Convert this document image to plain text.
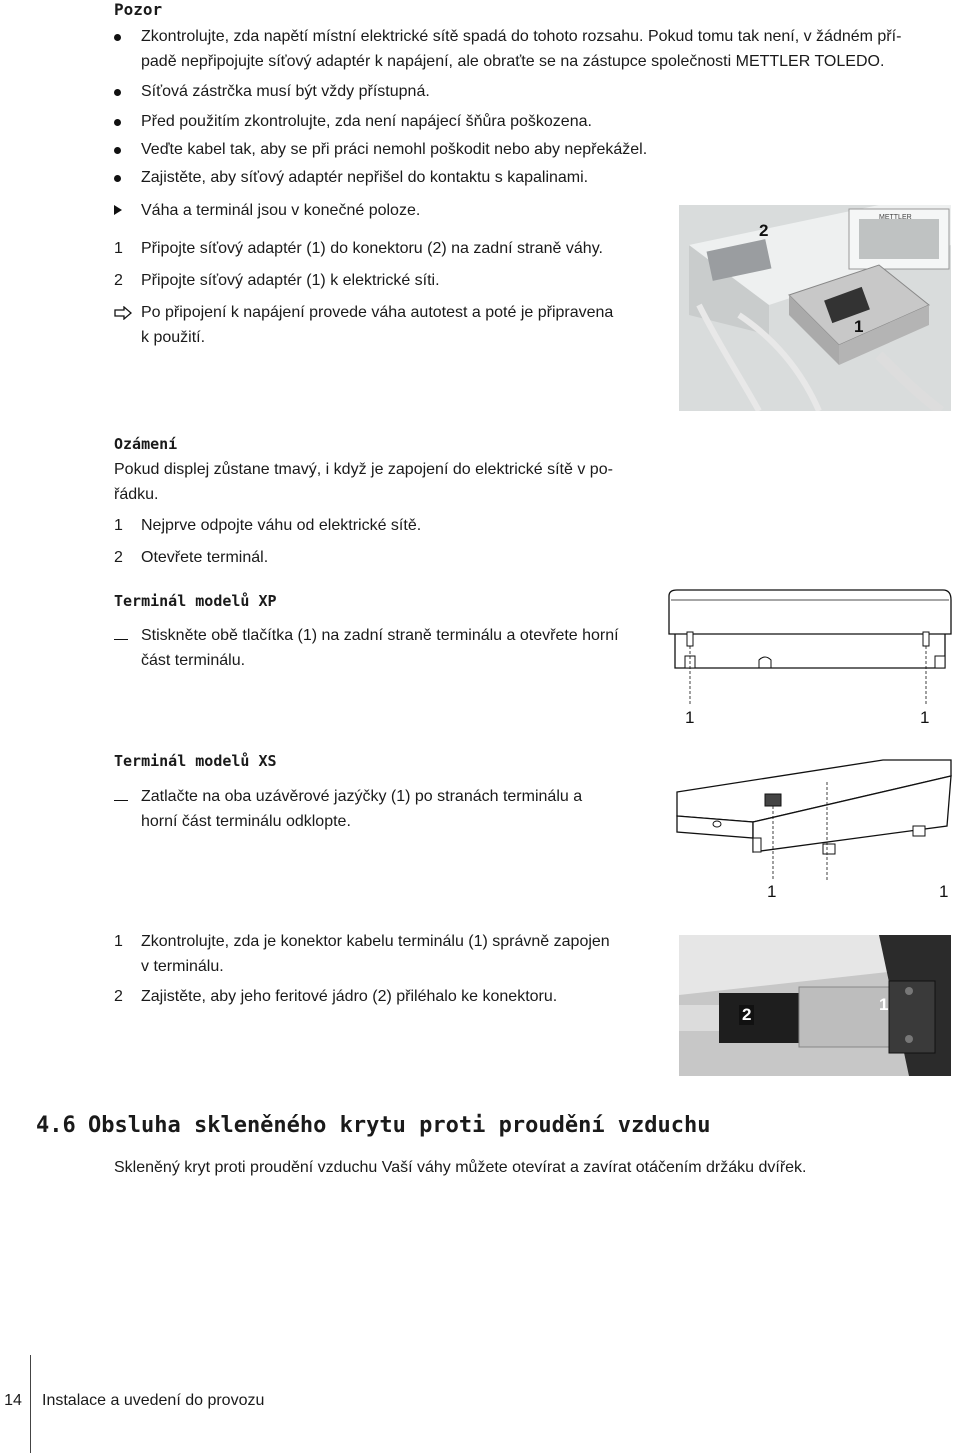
Pozor
Zkontrolujte, zda napětí místní elektrické sítě spadá do tohoto rozsahu. Pokud tomu tak není, v žádném pří-
padě nepřipojujte síťový adaptér k napájení, ale obraťte se na zástupce společnosti METTLER TOLEDO.
Síťová zástrčka musí být vždy přístupná.
Před použitím zkontrolujte, zda není napájecí šňůra poškozena.
Veďte kabel tak, aby se při práci nemohl poškodit nebo aby nepřekážel.
Zajistěte, aby síťový adaptér nepřišel do kontaktu s kapalinami.
Váha a terminál jsou v konečné poloze.
1	Připojte síťový adaptér (1) do konektoru (2) na zadní straně váhy.
2	Připojte síťový adaptér (1) k elektrické síti.
Po připojení k napájení provede váha autotest a poté je připravena
k použití.
METTLER
2
1
Ozámení
Pokud displej zůstane tmavý, i když je zapojení do elektrické sítě v po-
řádku.
1	Nejprve odpojte váhu od elektrické sítě.
2	Otevřete terminál.
Terminál modelů XP
Stiskněte obě tlačítka (1) na zadní straně terminálu a otevřete horní
část terminálu.
1	1
Terminál modelů XS
Zatlačte na oba uzávěrové jazýčky (1) po stranách terminálu a
horní část terminálu odklopte.
1	1
1	Zkontrolujte, zda je konektor kabelu terminálu (1) správně zapojen
v terminálu.
2	Zajistěte, aby jeho feritové jádro (2) přiléhalo ke konektoru.
2
1
4.6 Obsluha skleněného krytu proti proudění vzduchu
Skleněný kryt proti proudění vzduchu Vaší váhy můžete otevírat a zavírat otáčením držáku dvířek.
14 Instalace a uvedení do provozu
